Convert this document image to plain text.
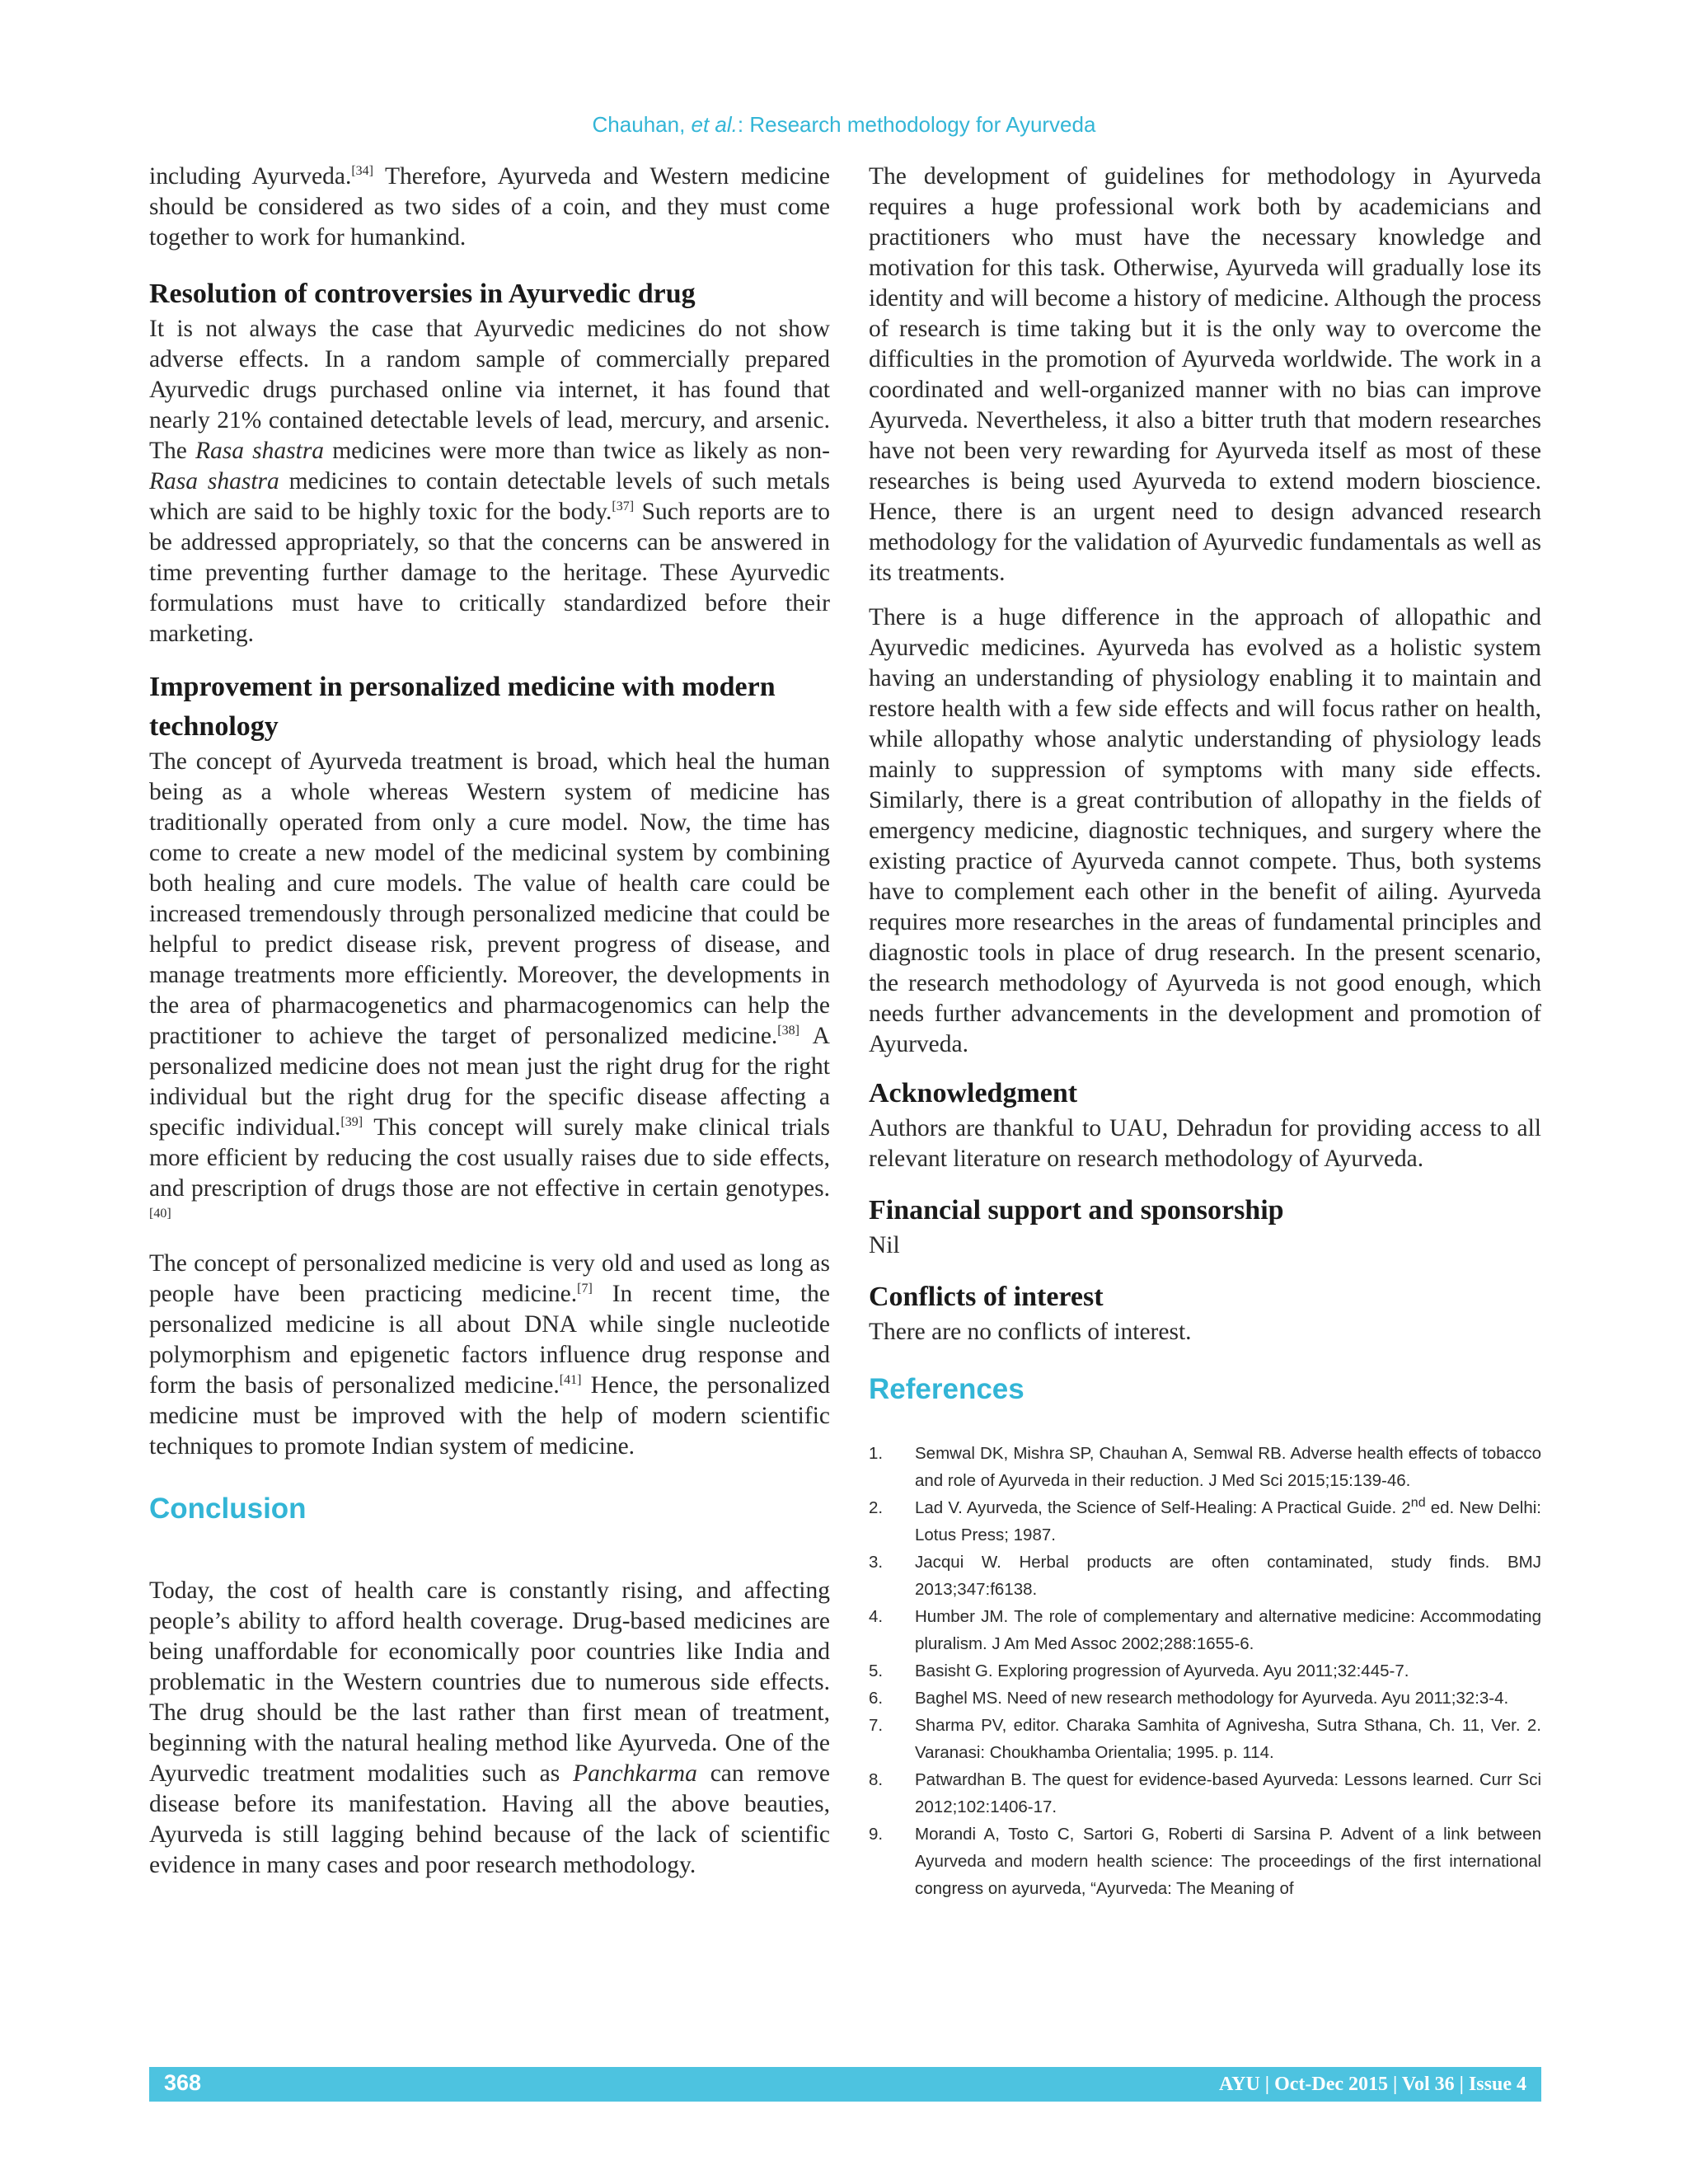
Chauhan, et al.: Research methodology for Ayurveda

including Ayurveda.[34] Therefore, Ayurveda and Western medicine should be considered as two sides of a coin, and they must come together to work for humankind.

Resolution of controversies in Ayurvedic drug

It is not always the case that Ayurvedic medicines do not show adverse effects. In a random sample of commercially prepared Ayurvedic drugs purchased online via internet, it has found that nearly 21% contained detectable levels of lead, mercury, and arsenic. The Rasa shastra medicines were more than twice as likely as non-Rasa shastra medicines to contain detectable levels of such metals which are said to be highly toxic for the body.[37] Such reports are to be addressed appropriately, so that the concerns can be answered in time preventing further damage to the heritage. These Ayurvedic formulations must have to critically standardized before their marketing.

Improvement in personalized medicine with modern technology

The concept of Ayurveda treatment is broad, which heal the human being as a whole whereas Western system of medicine has traditionally operated from only a cure model. Now, the time has come to create a new model of the medicinal system by combining both healing and cure models. The value of health care could be increased tremendously through personalized medicine that could be helpful to predict disease risk, prevent progress of disease, and manage treatments more efficiently. Moreover, the developments in the area of pharmacogenetics and pharmacogenomics can help the practitioner to achieve the target of personalized medicine.[38] A personalized medicine does not mean just the right drug for the right individual but the right drug for the specific disease affecting a specific individual.[39] This concept will surely make clinical trials more efficient by reducing the cost usually raises due to side effects, and prescription of drugs those are not effective in certain genotypes.[40]

The concept of personalized medicine is very old and used as long as people have been practicing medicine.[7] In recent time, the personalized medicine is all about DNA while single nucleotide polymorphism and epigenetic factors influence drug response and form the basis of personalized medicine.[41] Hence, the personalized medicine must be improved with the help of modern scientific techniques to promote Indian system of medicine.

Conclusion

Today, the cost of health care is constantly rising, and affecting people’s ability to afford health coverage. Drug-based medicines are being unaffordable for economically poor countries like India and problematic in the Western countries due to numerous side effects. The drug should be the last rather than first mean of treatment, beginning with the natural healing method like Ayurveda. One of the Ayurvedic treatment modalities such as Panchkarma can remove disease before its manifestation. Having all the above beauties, Ayurveda is still lagging behind because of the lack of scientific evidence in many cases and poor research methodology.

The development of guidelines for methodology in Ayurveda requires a huge professional work both by academicians and practitioners who must have the necessary knowledge and motivation for this task. Otherwise, Ayurveda will gradually lose its identity and will become a history of medicine. Although the process of research is time taking but it is the only way to overcome the difficulties in the promotion of Ayurveda worldwide. The work in a coordinated and well-organized manner with no bias can improve Ayurveda. Nevertheless, it also a bitter truth that modern researches have not been very rewarding for Ayurveda itself as most of these researches is being used Ayurveda to extend modern bioscience. Hence, there is an urgent need to design advanced research methodology for the validation of Ayurvedic fundamentals as well as its treatments.

There is a huge difference in the approach of allopathic and Ayurvedic medicines. Ayurveda has evolved as a holistic system having an understanding of physiology enabling it to maintain and restore health with a few side effects and will focus rather on health, while allopathy whose analytic understanding of physiology leads mainly to suppression of symptoms with many side effects. Similarly, there is a great contribution of allopathy in the fields of emergency medicine, diagnostic techniques, and surgery where the existing practice of Ayurveda cannot compete. Thus, both systems have to complement each other in the benefit of ailing. Ayurveda requires more researches in the areas of fundamental principles and diagnostic tools in place of drug research. In the present scenario, the research methodology of Ayurveda is not good enough, which needs further advancements in the development and promotion of Ayurveda.

Acknowledgment

Authors are thankful to UAU, Dehradun for providing access to all relevant literature on research methodology of Ayurveda.

Financial support and sponsorship

Nil

Conflicts of interest

There are no conflicts of interest.

References
1. Semwal DK, Mishra SP, Chauhan A, Semwal RB. Adverse health effects of tobacco and role of Ayurveda in their reduction. J Med Sci 2015;15:139-46.
2. Lad V. Ayurveda, the Science of Self-Healing: A Practical Guide. 2nd ed. New Delhi: Lotus Press; 1987.
3. Jacqui W. Herbal products are often contaminated, study finds. BMJ 2013;347:f6138.
4. Humber JM. The role of complementary and alternative medicine: Accommodating pluralism. J Am Med Assoc 2002;288:1655-6.
5. Basisht G. Exploring progression of Ayurveda. Ayu 2011;32:445-7.
6. Baghel MS. Need of new research methodology for Ayurveda. Ayu 2011;32:3-4.
7. Sharma PV, editor. Charaka Samhita of Agnivesha, Sutra Sthana, Ch. 11, Ver. 2. Varanasi: Choukhamba Orientalia; 1995. p. 114.
8. Patwardhan B. The quest for evidence-based Ayurveda: Lessons learned. Curr Sci 2012;102:1406-17.
9. Morandi A, Tosto C, Sartori G, Roberti di Sarsina P. Advent of a link between Ayurveda and modern health science: The proceedings of the first international congress on ayurveda, “Ayurveda: The Meaning of
368	AYU | Oct-Dec 2015 | Vol 36 | Issue 4
